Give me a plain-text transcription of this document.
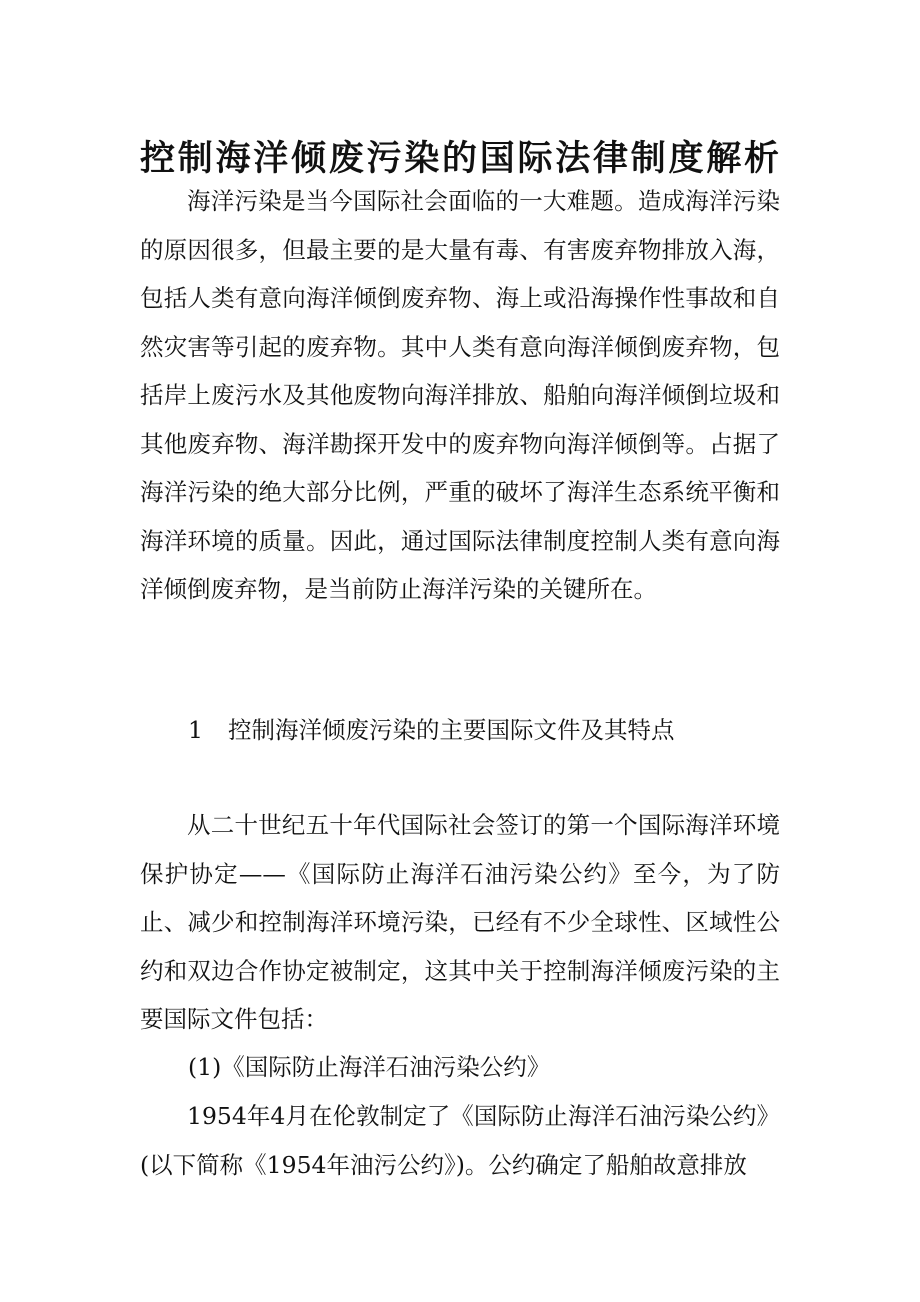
控制海洋倾废污染的国际法律制度解析

海洋污染是当今国际社会面临的一大难题。造成海洋污染的原因很多，但最主要的是大量有毒、有害废弃物排放入海，包括人类有意向海洋倾倒废弃物、海上或沿海操作性事故和自然灾害等引起的废弃物。其中人类有意向海洋倾倒废弃物，包括岸上废污水及其他废物向海洋排放、船舶向海洋倾倒垃圾和其他废弃物、海洋勘探开发中的废弃物向海洋倾倒等。占据了海洋污染的绝大部分比例，严重的破坏了海洋生态系统平衡和海洋环境的质量。因此，通过国际法律制度控制人类有意向海洋倾倒废弃物，是当前防止海洋污染的关键所在。

1 控制海洋倾废污染的主要国际文件及其特点

从二十世纪五十年代国际社会签订的第一个国际海洋环境保护协定——《国际防止海洋石油污染公约》至今，为了防止、减少和控制海洋环境污染，已经有不少全球性、区域性公约和双边合作协定被制定，这其中关于控制海洋倾废污染的主要国际文件包括：

(1)《国际防止海洋石油污染公约》

1954年4月在伦敦制定了《国际防止海洋石油污染公约》(以下简称《1954年油污公约》)。公约确定了船舶故意排放
